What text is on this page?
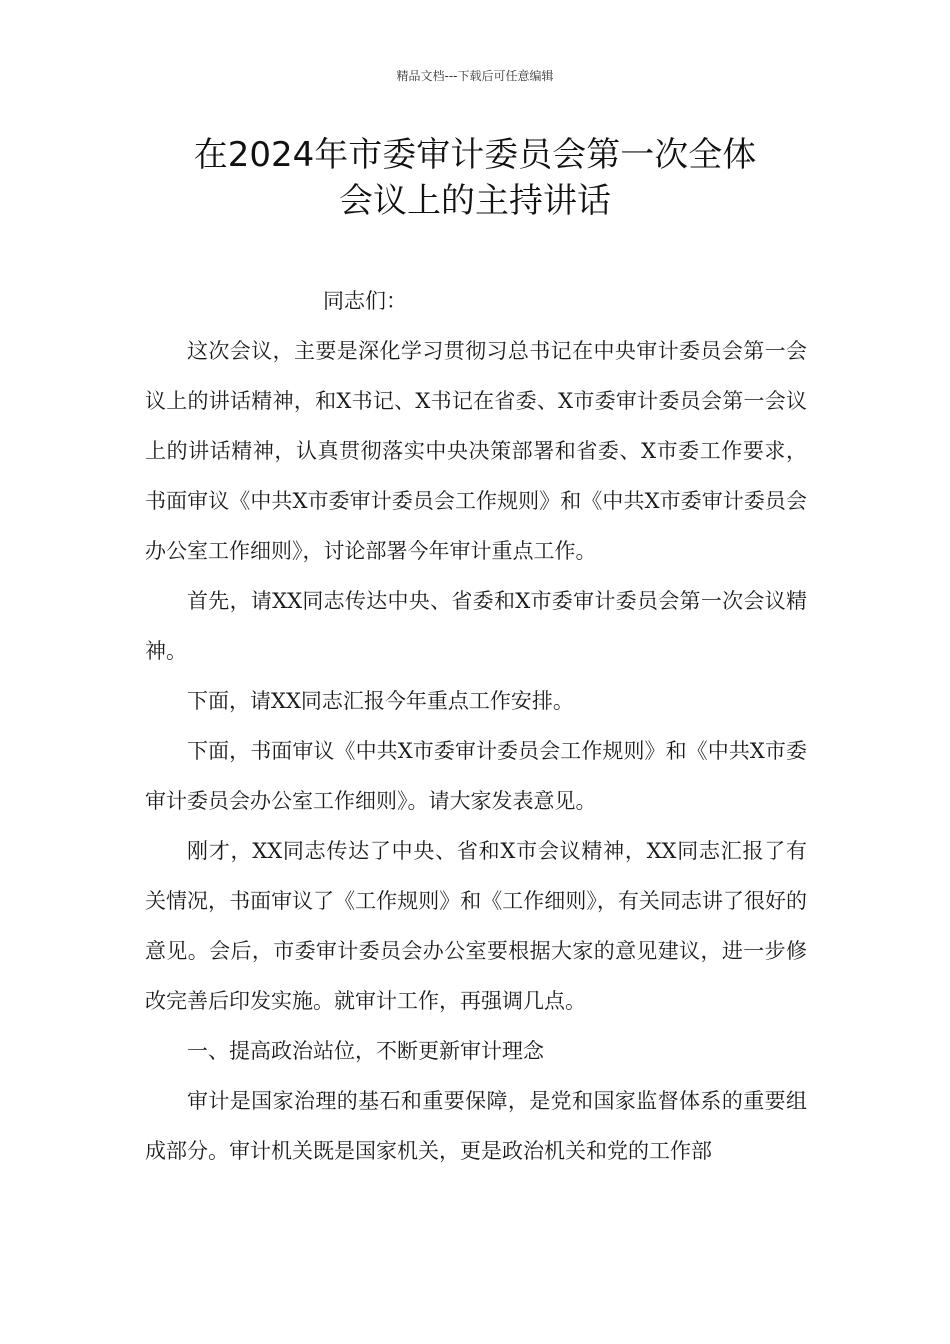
精品文档---下载后可任意编辑
在2024年市委审计委员会第一次全体
会议上的主持讲话

同志们：

这次会议，主要是深化学习贯彻习总书记在中央审计委员会第一会议上的讲话精神，和X书记、X书记在省委、X市委审计委员会第一会议上的讲话精神，认真贯彻落实中央决策部署和省委、X市委工作要求，书面审议《中共X市委审计委员会工作规则》和《中共X市委审计委员会办公室工作细则》，讨论部署今年审计重点工作。

首先，请XX同志传达中央、省委和X市委审计委员会第一次会议精神。

下面，请XX同志汇报今年重点工作安排。

下面，书面审议《中共X市委审计委员会工作规则》和《中共X市委审计委员会办公室工作细则》。请大家发表意见。

刚才，XX同志传达了中央、省和X市会议精神，XX同志汇报了有关情况，书面审议了《工作规则》和《工作细则》，有关同志讲了很好的意见。会后，市委审计委员会办公室要根据大家的意见建议，进一步修改完善后印发实施。就审计工作，再强调几点。

一、提高政治站位，不断更新审计理念

审计是国家治理的基石和重要保障，是党和国家监督体系的重要组成部分。审计机关既是国家机关，更是政治机关和党的工作部
